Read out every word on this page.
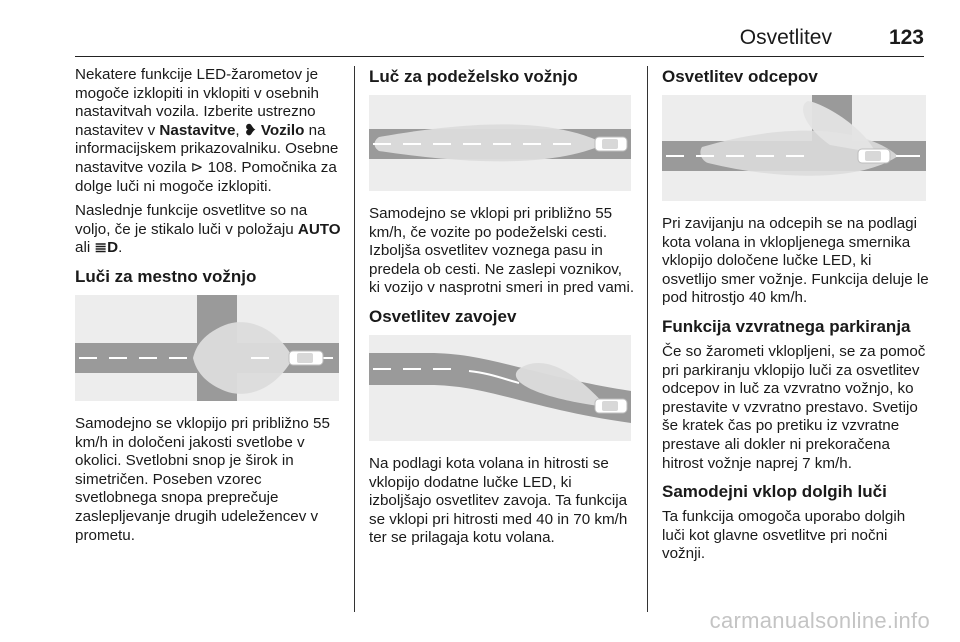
Osvetlitev	123

Nekatere funkcije LED-žarometov je mogoče izklopiti in vklopiti v osebnih nastavitvah vozila. Izberite ustrezno nastavitev v Nastavitve, ❥ Vozilo na informacijskem prikazovalniku. Osebne nastavitve vozila ⊳ 108. Pomočnika za dolge luči ni mogoče izklopiti.

Naslednje funkcije osvetlitve so na voljo, če je stikalo luči v položaju AUTO ali ≣D.

Luči za mestno vožnjo

Samodejno se vklopijo pri približno 55 km/h in določeni jakosti svetlobe v okolici. Svetlobni snop je širok in simetričen. Poseben vzorec svetlobnega snopa preprečuje zaslepljevanje drugih udeležencev v prometu.

Luč za podeželsko vožnjo

Samodejno se vklopi pri približno 55 km/h, če vozite po podeželski cesti. Izboljša osvetlitev voznega pasu in predela ob cesti. Ne zaslepi voznikov, ki vozijo v nasprotni smeri in pred vami.

Osvetlitev zavojev

Na podlagi kota volana in hitrosti se vklopijo dodatne lučke LED, ki izboljšajo osvetlitev zavoja. Ta funkcija se vklopi pri hitrosti med 40 in 70 km/h ter se prilagaja kotu volana.

Osvetlitev odcepov

Pri zavijanju na odcepih se na podlagi kota volana in vklopljenega smernika vklopijo določene lučke LED, ki osvetlijo smer vožnje. Funkcija deluje le pod hitrostjo 40 km/h.

Funkcija vzvratnega parkiranja

Če so žarometi vklopljeni, se za pomoč pri parkiranju vklopijo luči za osvetlitev odcepov in luč za vzvratno vožnjo, ko prestavite v vzvratno prestavo. Svetijo še kratek čas po pretiku iz vzvratne prestave ali dokler ni prekoračena hitrost vožnje naprej 7 km/h.

Samodejni vklop dolgih luči

Ta funkcija omogoča uporabo dolgih luči kot glavne osvetlitve pri nočni vožnji.

carmanualsonline.info
